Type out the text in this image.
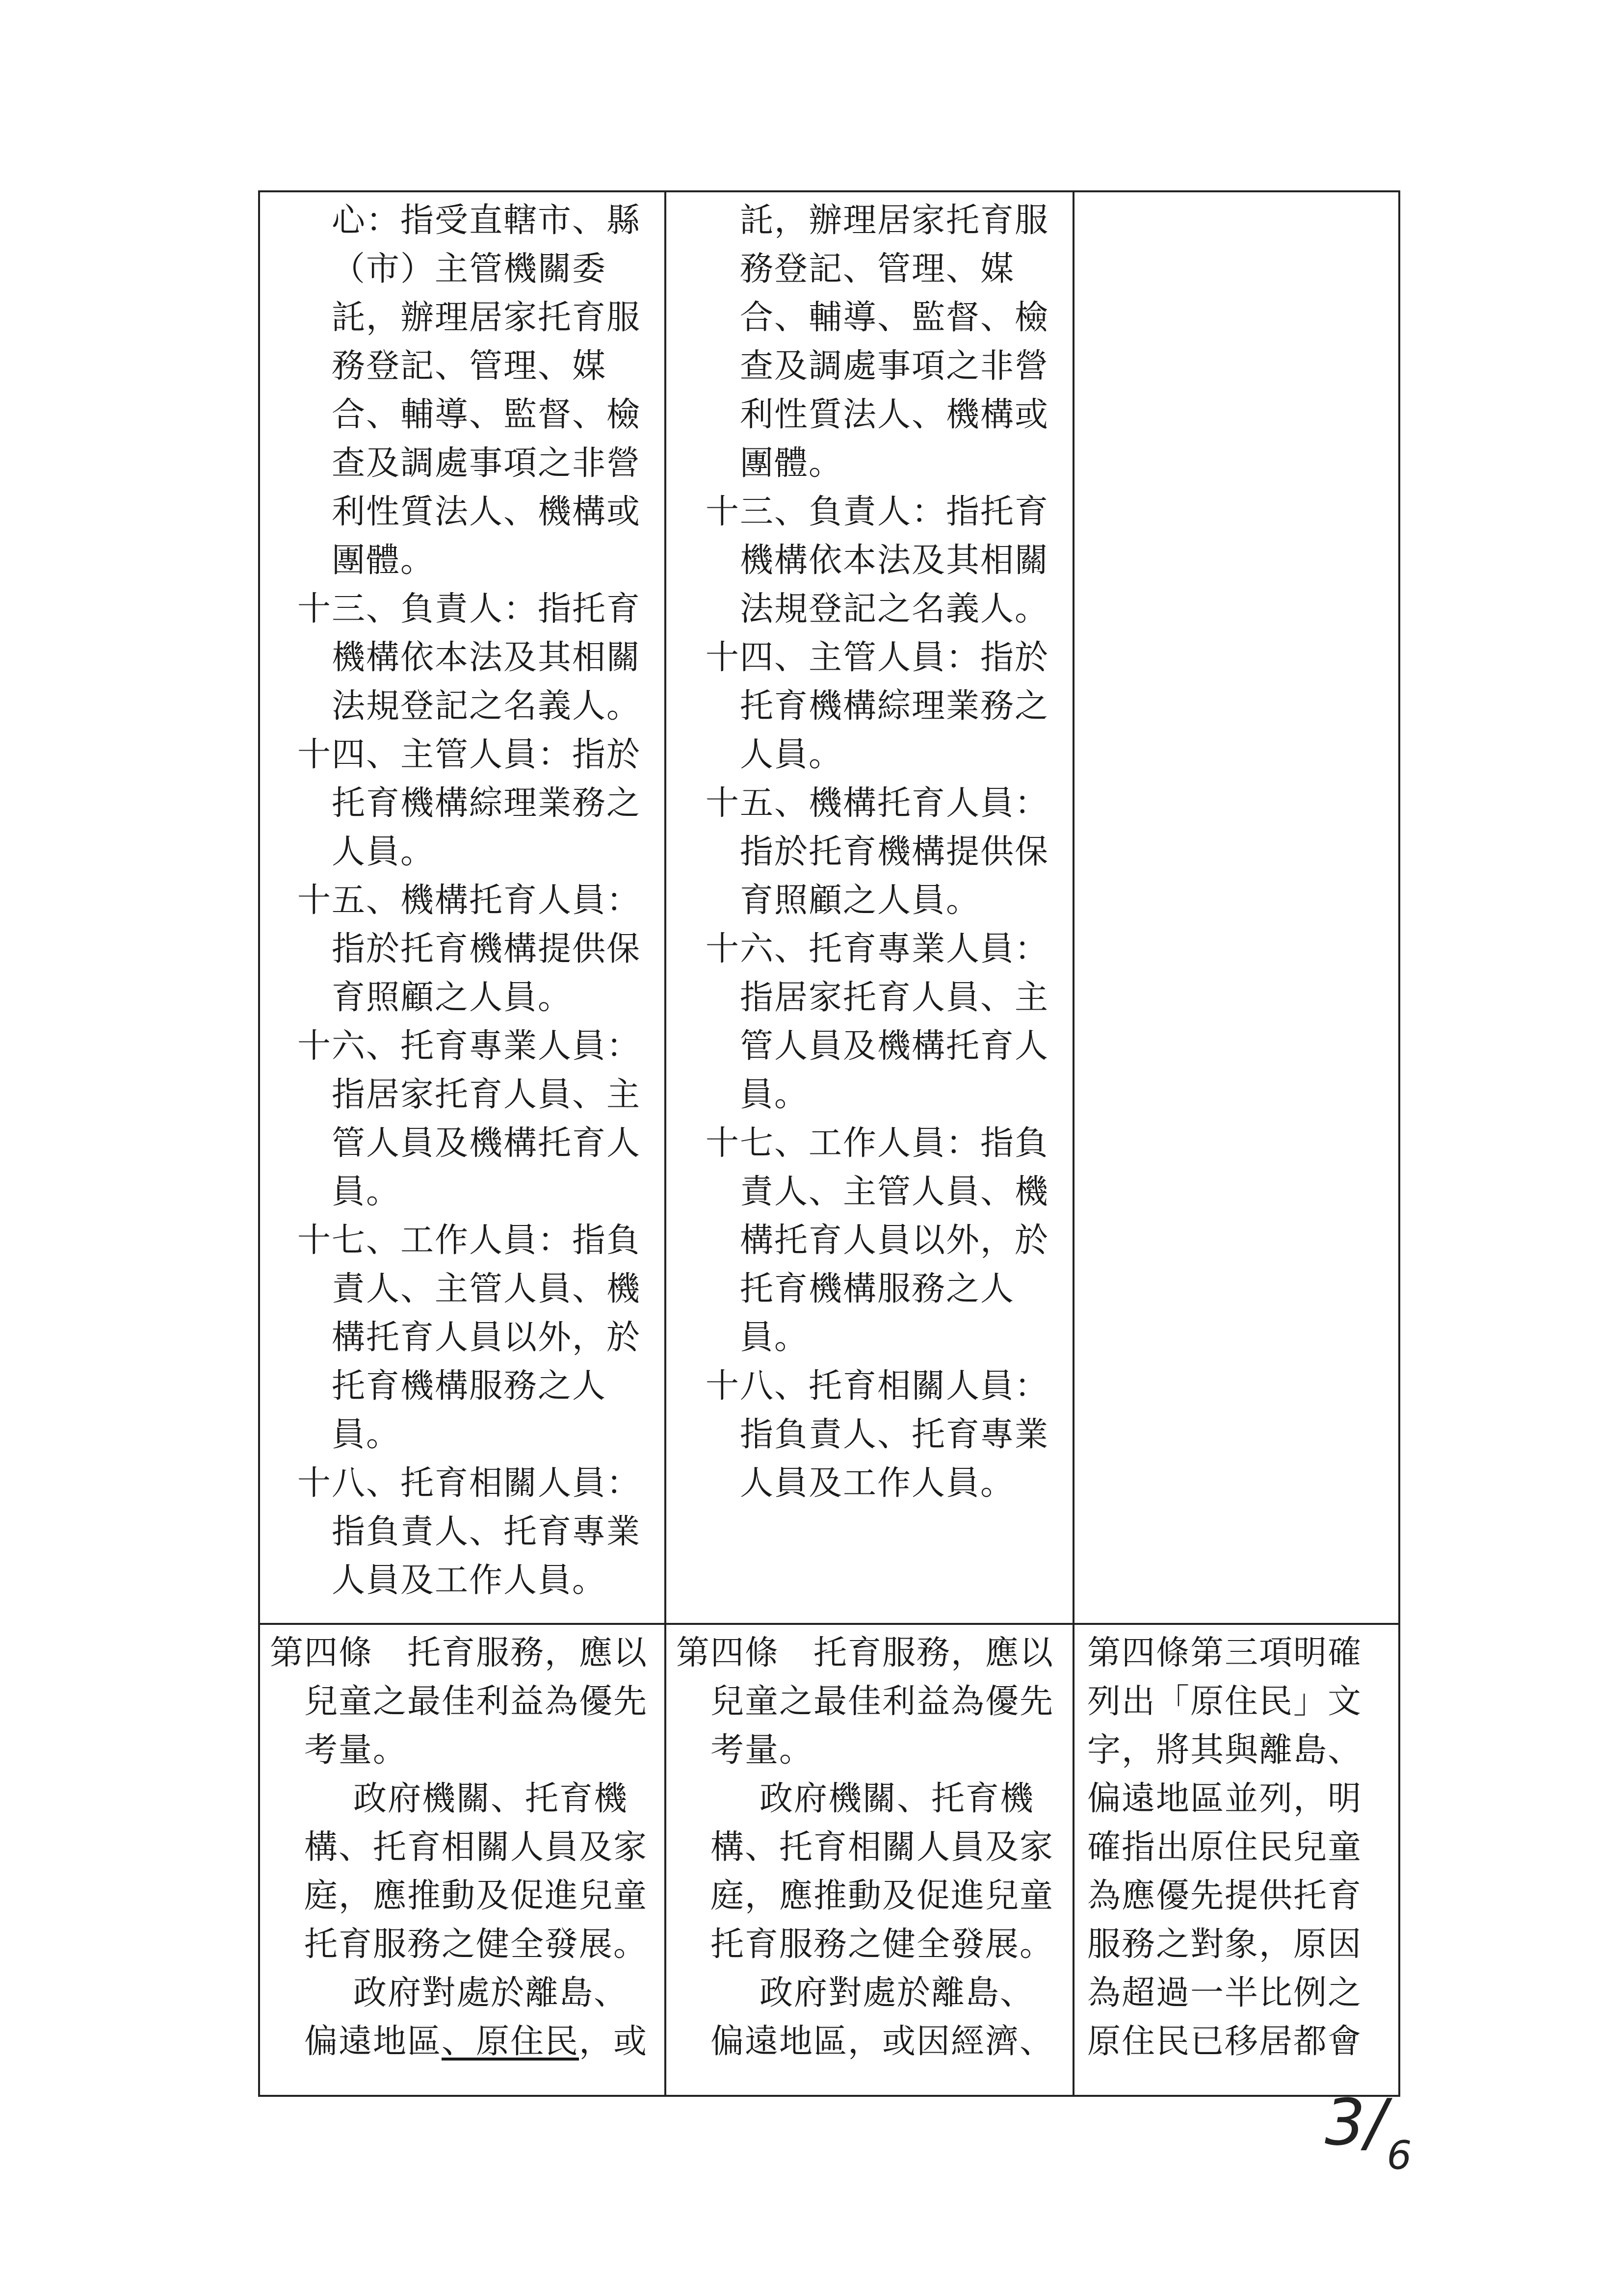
心：指受直轄市、縣
（市）主管機關委
託，辦理居家托育服
務登記、管理、媒
合、輔導、監督、檢
查及調處事項之非營
利性質法人、機構或
團體。
十三、負責人：指托育
機構依本法及其相關
法規登記之名義人。
十四、主管人員：指於
托育機構綜理業務之
人員。
十五、機構托育人員：
指於托育機構提供保
育照顧之人員。
十六、托育專業人員：
指居家托育人員、主
管人員及機構托育人
員。
十七、工作人員：指負
責人、主管人員、機
構托育人員以外，於
托育機構服務之人
員。
十八、托育相關人員：
指負責人、托育專業
人員及工作人員。
託，辦理居家托育服
務登記、管理、媒
合、輔導、監督、檢
查及調處事項之非營
利性質法人、機構或
團體。
十三、負責人：指托育
機構依本法及其相關
法規登記之名義人。
十四、主管人員：指於
托育機構綜理業務之
人員。
十五、機構托育人員：
指於托育機構提供保
育照顧之人員。
十六、托育專業人員：
指居家托育人員、主
管人員及機構托育人
員。
十七、工作人員：指負
責人、主管人員、機
構托育人員以外，於
托育機構服務之人
員。
十八、托育相關人員：
指負責人、托育專業
人員及工作人員。
第四條　托育服務，應以
兒童之最佳利益為優先
考量。
政府機關、托育機
構、托育相關人員及家
庭，應推動及促進兒童
托育服務之健全發展。
政府對處於離島、
偏遠地區、原住民，或
第四條　托育服務，應以
兒童之最佳利益為優先
考量。
政府機關、托育機
構、托育相關人員及家
庭，應推動及促進兒童
托育服務之健全發展。
政府對處於離島、
偏遠地區，或因經濟、
第四條第三項明確
列出「原住民」文
字，將其與離島、
偏遠地區並列，明
確指出原住民兒童
為應優先提供托育
服務之對象，原因
為超過一半比例之
原住民已移居都會
$3/_6$
